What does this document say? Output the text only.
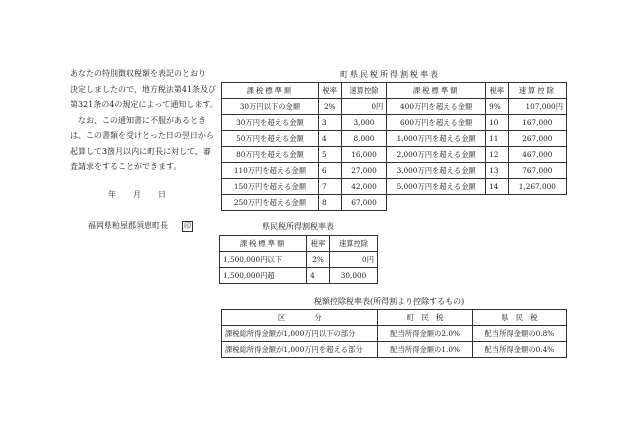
あなたの特別徴収税額を表記のとおり

決定しましたので、地方税法第41条及び

第321条の4の規定によって通知します。

　なお、この通知書に不服があるとき

は、この書類を受けとった日の翌日から

起算して3箇月以内に町長に対して、審

査請求をすることができます。

年 月 日
福岡県粕屋郡須恵町長 印
町県民税所得割税率表
課税標準額	税率	速算控除	課税標準額	税率	速算控除
30万円以下の金額	2%	0円	400万円を超える金額	9%	107,000円
30万円を超える金額	3	3,000	600万円を超える金額	10	167,000
50万円を超える金額	4	8,000	1,000万円を超える金額	11	267,000
80万円を超える金額	5	16,000	2,000万円を超える金額	12	467,000
110万円を超える金額	6	27,000	3,000万円を超える金額	13	767,000
150万円を超える金額	7	42,000	5,000万円を超える金額	14	1,267,000
250万円を超える金額	8	67,000			
県民税所得割税率表
課税標準額	税率	速算控除
1,500,000円以下	2%	0円
1,500,000円超	4	30,000
税額控除税率表(所得割より控除するもの)
区　　　　分	町　民　税	県　民　税
課税総所得金額が1,000万円以下の部分	配当所得金額の2.0%	配当所得金額の0.8%
課税総所得金額が1,000万円を超える部分	配当所得金額の1.0%	配当所得金額の0.4%
